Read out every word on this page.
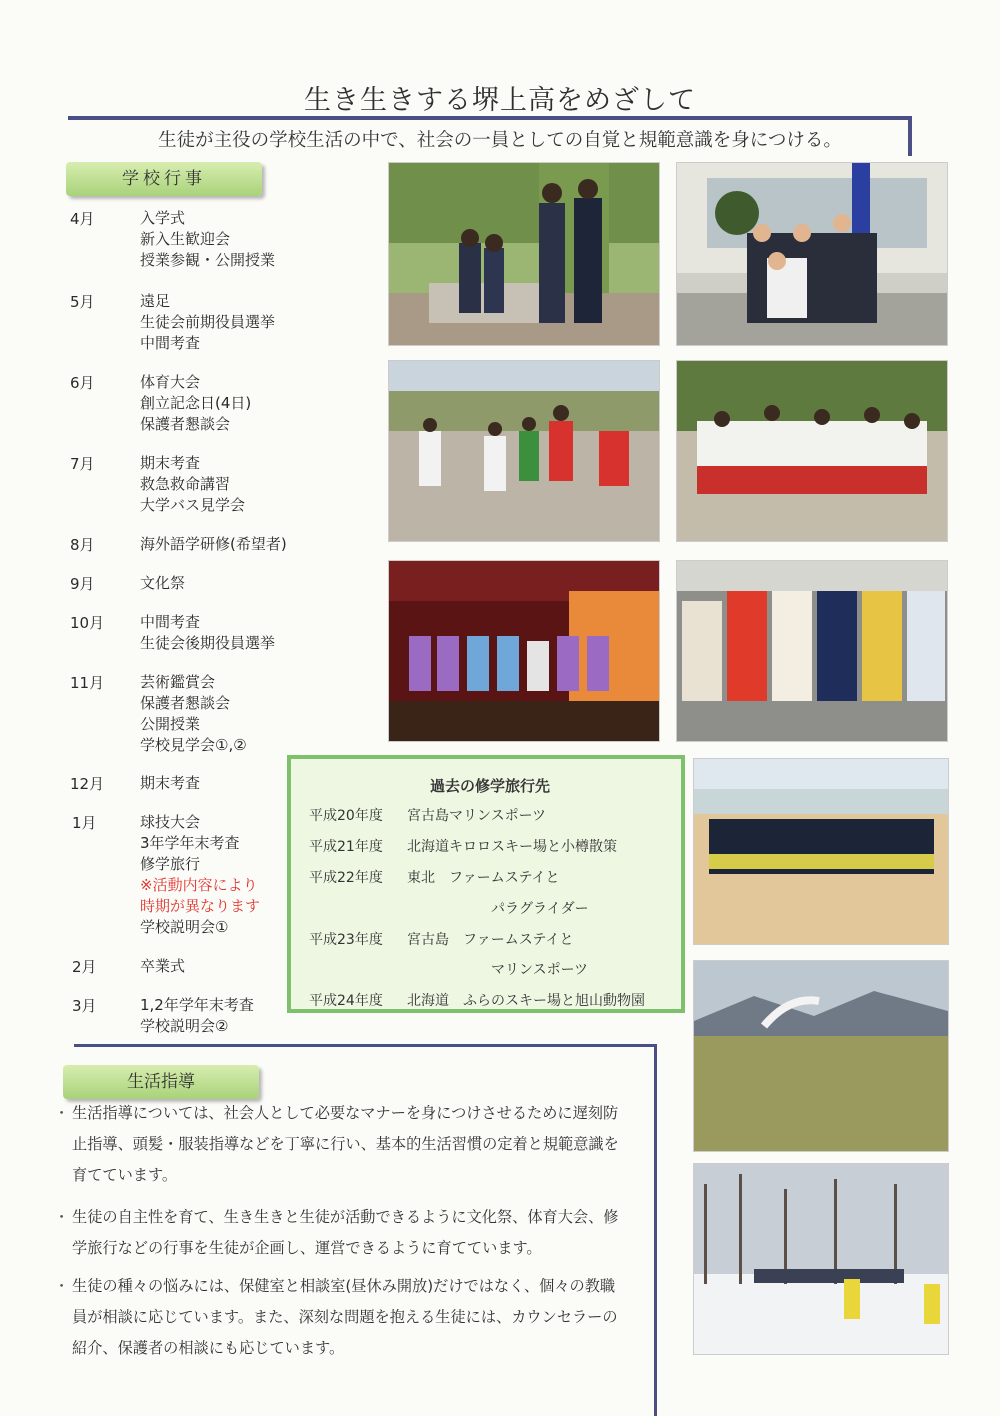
生き生きする堺上高をめざして
生徒が主役の学校生活の中で、社会の一員としての自覚と規範意識を身につける。
学校行事
4月	入学式
新入生歓迎会
授業参観・公開授業
5月	遠足
生徒会前期役員選挙
中間考査
6月	体育大会
創立記念日(4日)
保護者懇談会
7月	期末考査
救急救命講習
大学バス見学会
8月	海外語学研修(希望者)
9月	文化祭
10月	中間考査
生徒会後期役員選挙
11月	芸術鑑賞会
保護者懇談会
公開授業
学校見学会①,②
12月	期末考査
1月	球技大会
3年学年末考査
修学旅行
※活動内容により
時期が異なります
学校説明会①
2月	卒業式
3月	1,2年学年末考査
学校説明会②
過去の修学旅行先
平成20年度 宮古島マリンスポーツ
平成21年度 北海道キロロスキー場と小樽散策
平成22年度 東北　ファームステイと
パラグライダー
平成23年度 宮古島　ファームステイと
マリンスポーツ
平成24年度 北海道　ふらのスキー場と旭山動物園
生活指導
・ 生活指導については、社会人として必要なマナーを身につけさせるために遅刻防止指導、頭髪・服装指導などを丁寧に行い、基本的生活習慣の定着と規範意識を育てています。
・ 生徒の自主性を育て、生き生きと生徒が活動できるように文化祭、体育大会、修学旅行などの行事を生徒が企画し、運営できるように育てています。
・ 生徒の種々の悩みには、保健室と相談室(昼休み開放)だけではなく、個々の教職員が相談に応じています。また、深刻な問題を抱える生徒には、カウンセラーの紹介、保護者の相談にも応じています。
